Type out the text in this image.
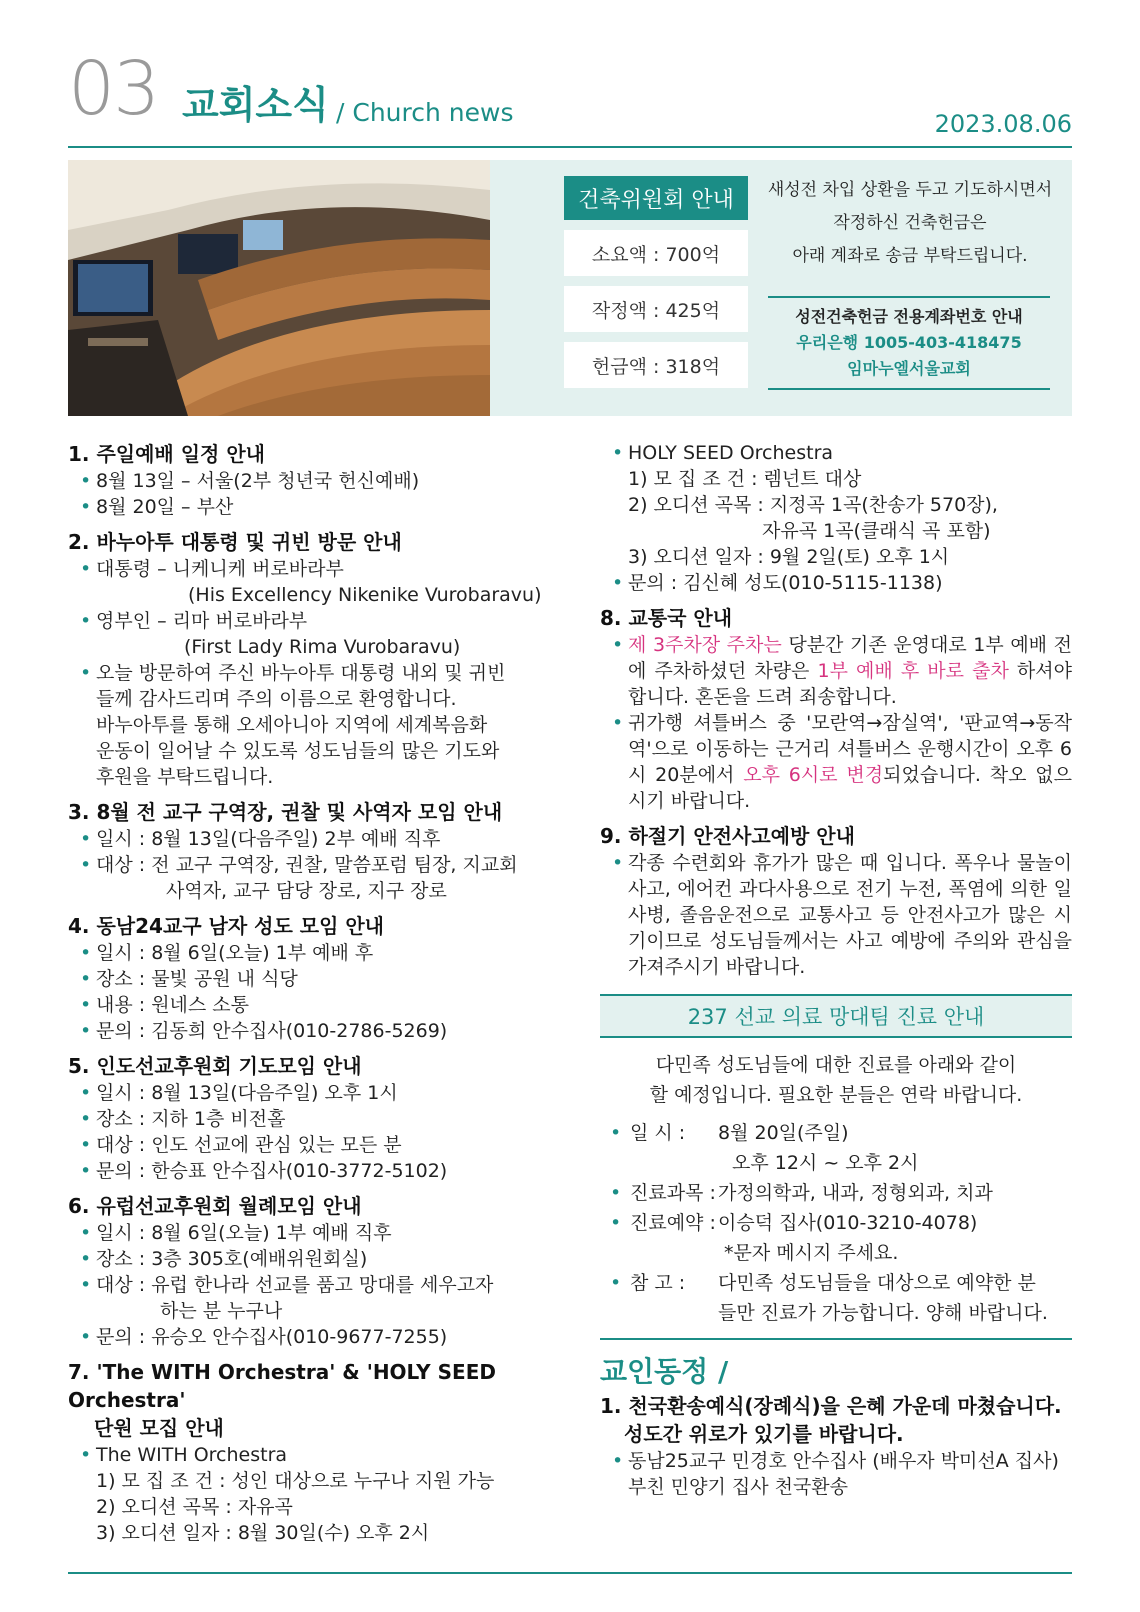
03 교회소식 / Church news	2023.08.06
건축위원회 안내
소요액 : 700억
작정액 : 425억
헌금액 : 318억
새성전 차입 상환을 두고 기도하시면서
작정하신 건축헌금은
아래 계좌로 송금 부탁드립니다.
성전건축헌금 전용계좌번호 안내
우리은행 1005-403-418475
임마누엘서울교회

1. 주일예배 일정 안내

• 8월 13일 – 서울(2부 청년국 헌신예배)
• 8월 20일 – 부산

2. 바누아투 대통령 및 귀빈 방문 안내

• 대통령 – 니케니케 버로바라부
(His Excellency Nikenike Vurobaravu)
• 영부인 – 리마 버로바라부
(First Lady Rima Vurobaravu)
• 오늘 방문하여 주신 바누아투 대통령 내외 및 귀빈
들께 감사드리며 주의 이름으로 환영합니다.
바누아투를 통해 오세아니아 지역에 세계복음화
운동이 일어날 수 있도록 성도님들의 많은 기도와
후원을 부탁드립니다.

3. 8월 전 교구 구역장, 권찰 및 사역자 모임 안내

• 일시 : 8월 13일(다음주일) 2부 예배 직후
• 대상 : 전 교구 구역장, 권찰, 말씀포럼 팀장, 지교회
사역자, 교구 담당 장로, 지구 장로

4. 동남24교구 남자 성도 모임 안내

• 일시 : 8월 6일(오늘) 1부 예배 후
• 장소 : 물빛 공원 내 식당
• 내용 : 원네스 소통
• 문의 : 김동희 안수집사(010-2786-5269)

5. 인도선교후원회 기도모임 안내

• 일시 : 8월 13일(다음주일) 오후 1시
• 장소 : 지하 1층 비전홀
• 대상 : 인도 선교에 관심 있는 모든 분
• 문의 : 한승표 안수집사(010-3772-5102)

6. 유럽선교후원회 월례모임 안내

• 일시 : 8월 6일(오늘) 1부 예배 직후
• 장소 : 3층 305호(예배위원회실)
• 대상 : 유럽 한나라 선교를 품고 망대를 세우고자
하는 분 누구나
• 문의 : 유승오 안수집사(010-9677-7255)

7. 'The WITH Orchestra' & 'HOLY SEED Orchestra'

단원 모집 안내

• The WITH Orchestra
1) 모 집 조 건 : 성인 대상으로 누구나 지원 가능
2) 오디션 곡목 : 자유곡
3) 오디션 일자 : 8월 30일(수) 오후 2시
• HOLY SEED Orchestra
1) 모 집 조 건 : 렘넌트 대상
2) 오디션 곡목 : 지정곡 1곡(찬송가 570장),
자유곡 1곡(클래식 곡 포함)
3) 오디션 일자 : 9월 2일(토) 오후 1시
• 문의 : 김신혜 성도(010-5115-1138)

8. 교통국 안내

• 제 3주차장 주차는 당분간 기존 운영대로 1부 예배 전에 주차하셨던 차량은 1부 예배 후 바로 출차 하셔야 합니다. 혼돈을 드려 죄송합니다.
• 귀가행 셔틀버스 중 '모란역→잠실역', '판교역→동작역'으로 이동하는 근거리 셔틀버스 운행시간이 오후 6시 20분에서 오후 6시로 변경되었습니다. 착오 없으시기 바랍니다.

9. 하절기 안전사고예방 안내

• 각종 수련회와 휴가가 많은 때 입니다. 폭우나 물놀이 사고, 에어컨 과다사용으로 전기 누전, 폭염에 의한 일사병, 졸음운전으로 교통사고 등 안전사고가 많은 시기이므로 성도님들께서는 사고 예방에 주의와 관심을 가져주시기 바랍니다.
237 선교 의료 망대팀 진료 안내
다민족 성도님들에 대한 진료를 아래와 같이
할 예정입니다. 필요한 분들은 연락 바랍니다.
• 일 시 :	8월 20일(주일)
오후 12시 ~ 오후 2시
• 진료과목 : 가정의학과, 내과, 정형외과, 치과
• 진료예약 : 이승덕 집사(010-3210-4078)
*문자 메시지 주세요.
• 참 고 :	다민족 성도님들을 대상으로 예약한 분
들만 진료가 가능합니다. 양해 바랍니다.
교인동정 /

1. 천국환송예식(장례식)을 은혜 가운데 마쳤습니다.

성도간 위로가 있기를 바랍니다.

• 동남25교구 민경호 안수집사 (배우자 박미선A 집사)
부친 민양기 집사 천국환송
